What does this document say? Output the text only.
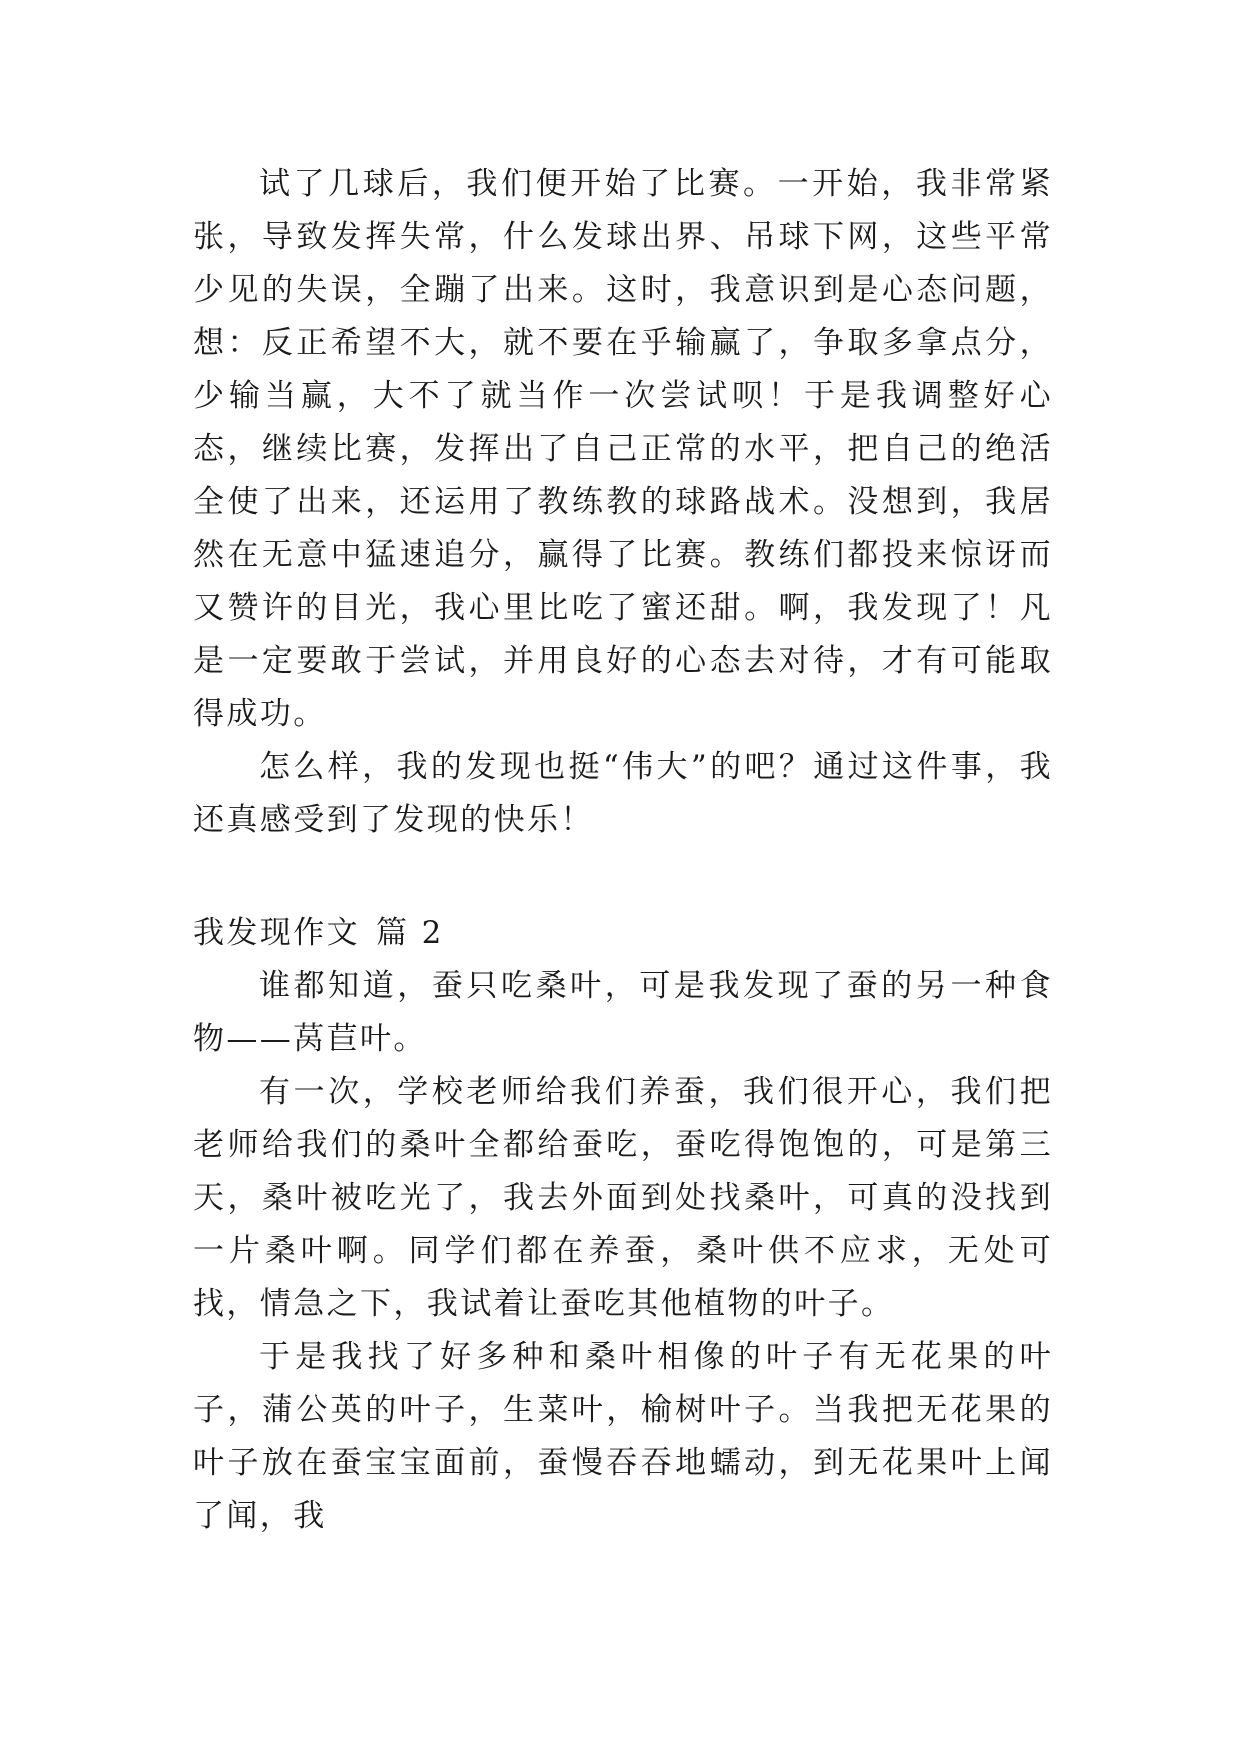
试了几球后，我们便开始了比赛。一开始，我非常紧张，导致发挥失常，什么发球出界、吊球下网，这些平常少见的失误，全蹦了出来。这时，我意识到是心态问题，想：反正希望不大，就不要在乎输赢了，争取多拿点分，少输当赢，大不了就当作一次尝试呗！于是我调整好心态，继续比赛，发挥出了自己正常的水平，把自己的绝活全使了出来，还运用了教练教的球路战术。没想到，我居然在无意中猛速追分，赢得了比赛。教练们都投来惊讶而又赞许的目光，我心里比吃了蜜还甜。啊，我发现了！凡是一定要敢于尝试，并用良好的心态去对待，才有可能取得成功。

怎么样，我的发现也挺“伟大”的吧？通过这件事，我还真感受到了发现的快乐！

我发现作文 篇 2

谁都知道，蚕只吃桑叶，可是我发现了蚕的另一种食物——莴苣叶。

有一次，学校老师给我们养蚕，我们很开心，我们把老师给我们的桑叶全都给蚕吃，蚕吃得饱饱的，可是第三天，桑叶被吃光了，我去外面到处找桑叶，可真的没找到一片桑叶啊。同学们都在养蚕，桑叶供不应求，无处可找，情急之下，我试着让蚕吃其他植物的叶子。

于是我找了好多种和桑叶相像的叶子有无花果的叶子，蒲公英的叶子，生菜叶，榆树叶子。当我把无花果的叶子放在蚕宝宝面前，蚕慢吞吞地蠕动，到无花果叶上闻了闻，我
